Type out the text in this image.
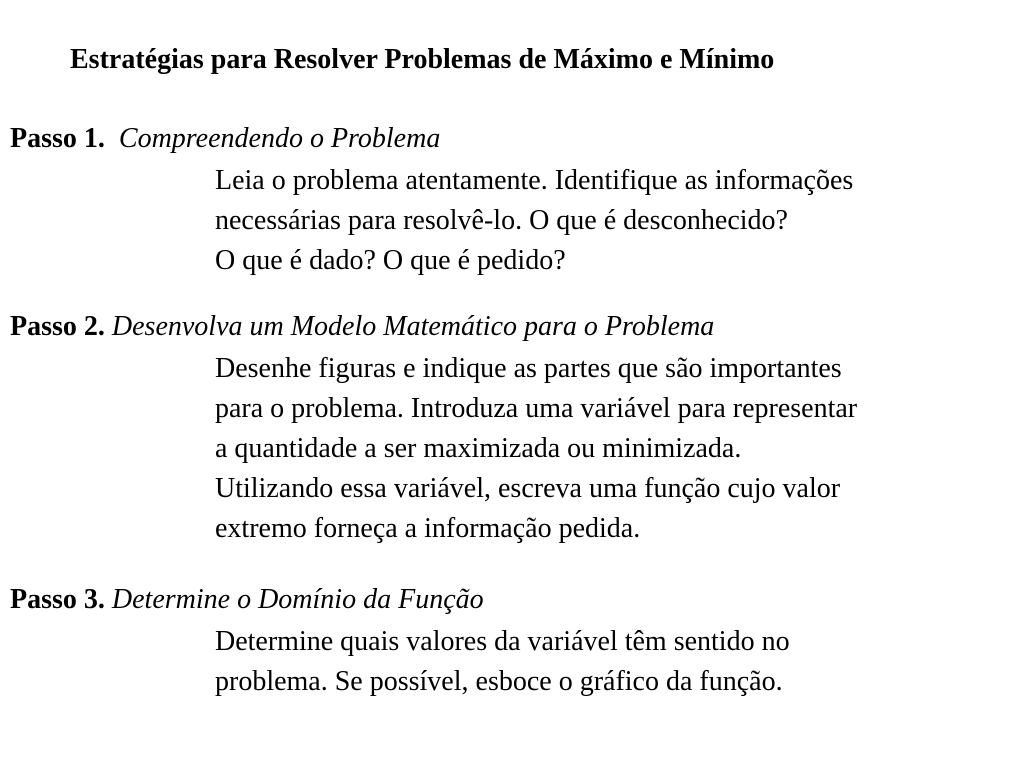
Estratégias para Resolver Problemas de Máximo e Mínimo
Passo 1. Compreendendo o Problema
Leia o problema atentamente. Identifique as informações
necessárias para resolvê-lo. O que é desconhecido?
O que é dado? O que é pedido?
Passo 2. Desenvolva um Modelo Matemático para o Problema
Desenhe figuras e indique as partes que são importantes
para o problema. Introduza uma variável para representar
a quantidade a ser maximizada ou minimizada.
Utilizando essa variável, escreva uma função cujo valor
extremo forneça a informação pedida.
Passo 3. Determine o Domínio da Função
Determine quais valores da variável têm sentido no
problema. Se possível, esboce o gráfico da função.
